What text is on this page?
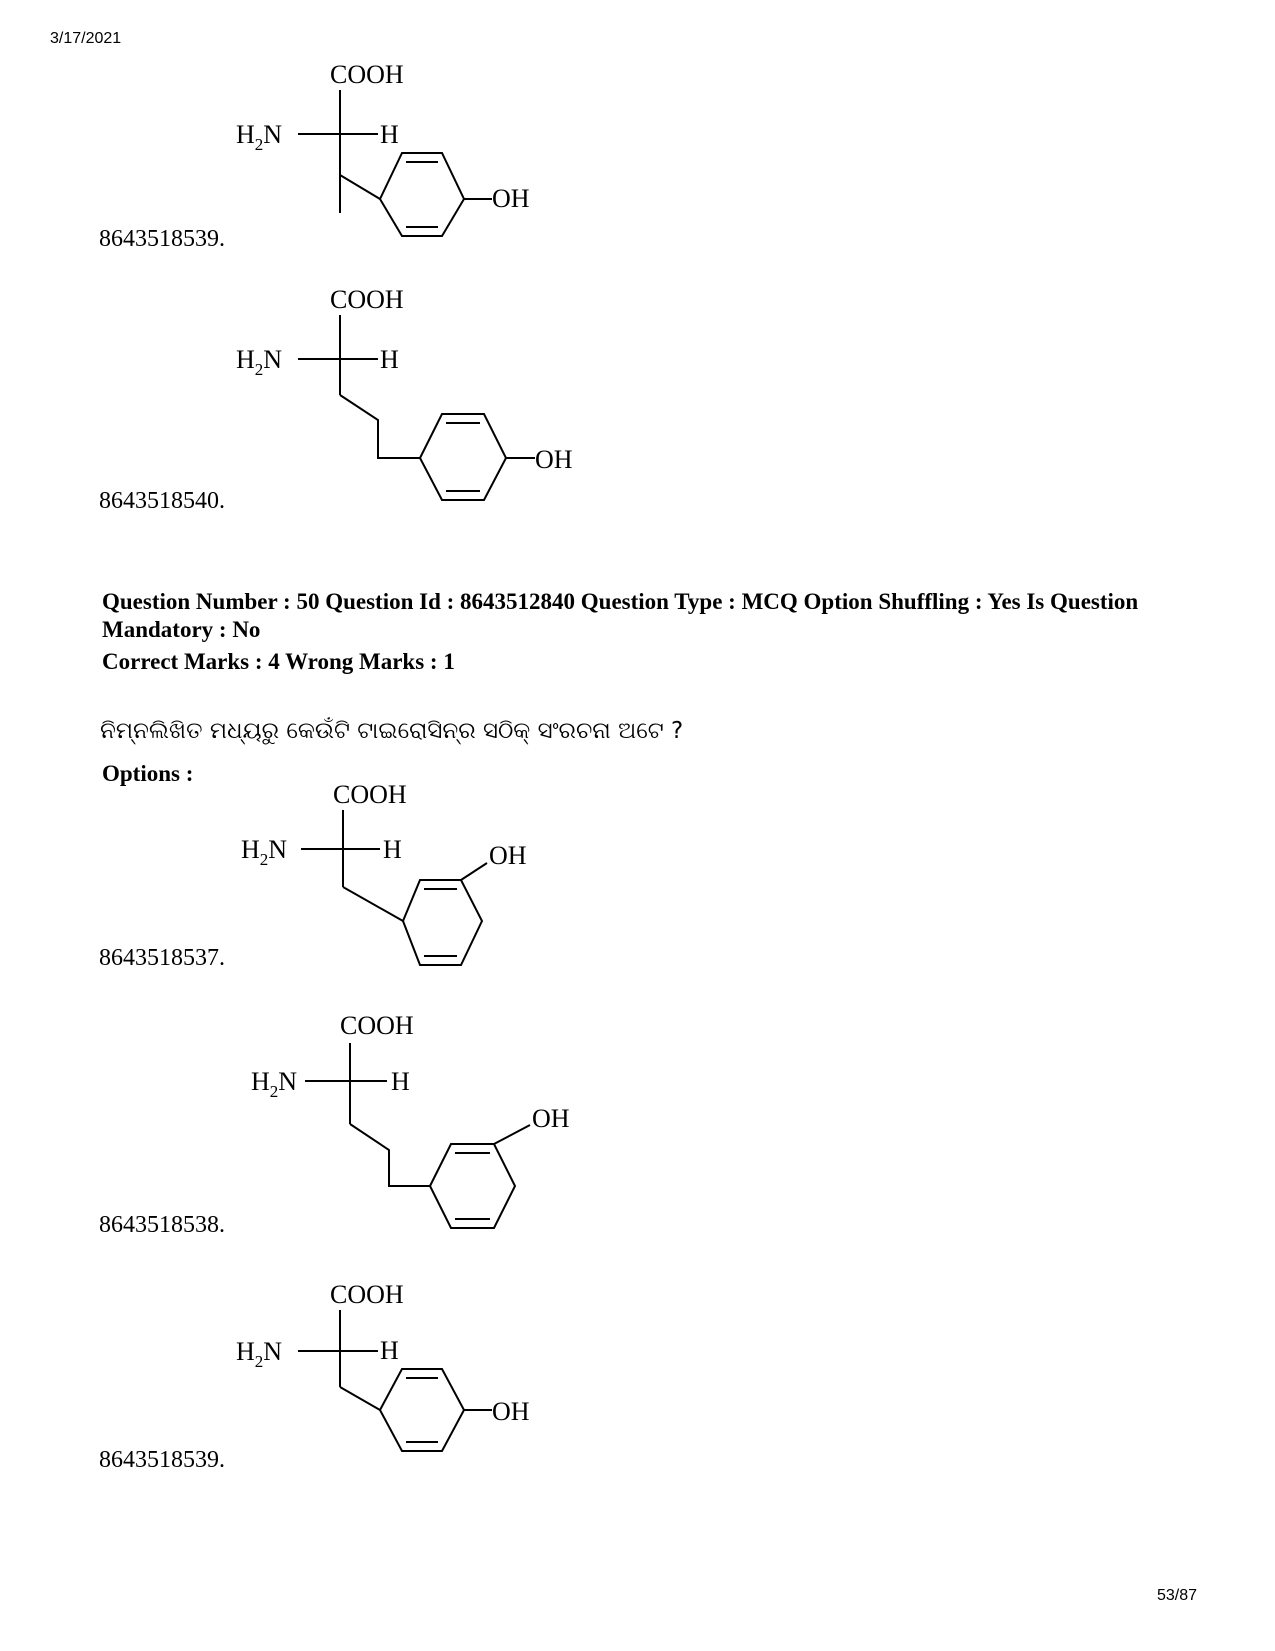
3/17/2021
COOH
$H_2N$	H
OH
8643518539.
COOH
$H_2N$	H
OH
8643518540.
Question Number : 50 Question Id : 8643512840 Question Type : MCQ Option Shuffling : Yes Is Question Mandatory : No
Correct Marks : 4 Wrong Marks : 1
ନିମ୍ନଲିଖିତ ମଧ୍ୟରୁ କେଉଁଟି ଟାଇରୋସିନ୍‌ର ସଠିକ୍ ସଂରଚନା ଅଟେ ?
Options :
COOH
$H_2N$	H	OH
8643518537.
COOH
$H_2N$	H
OH
8643518538.
COOH
$H_2N$	H
OH
8643518539.
53/87
